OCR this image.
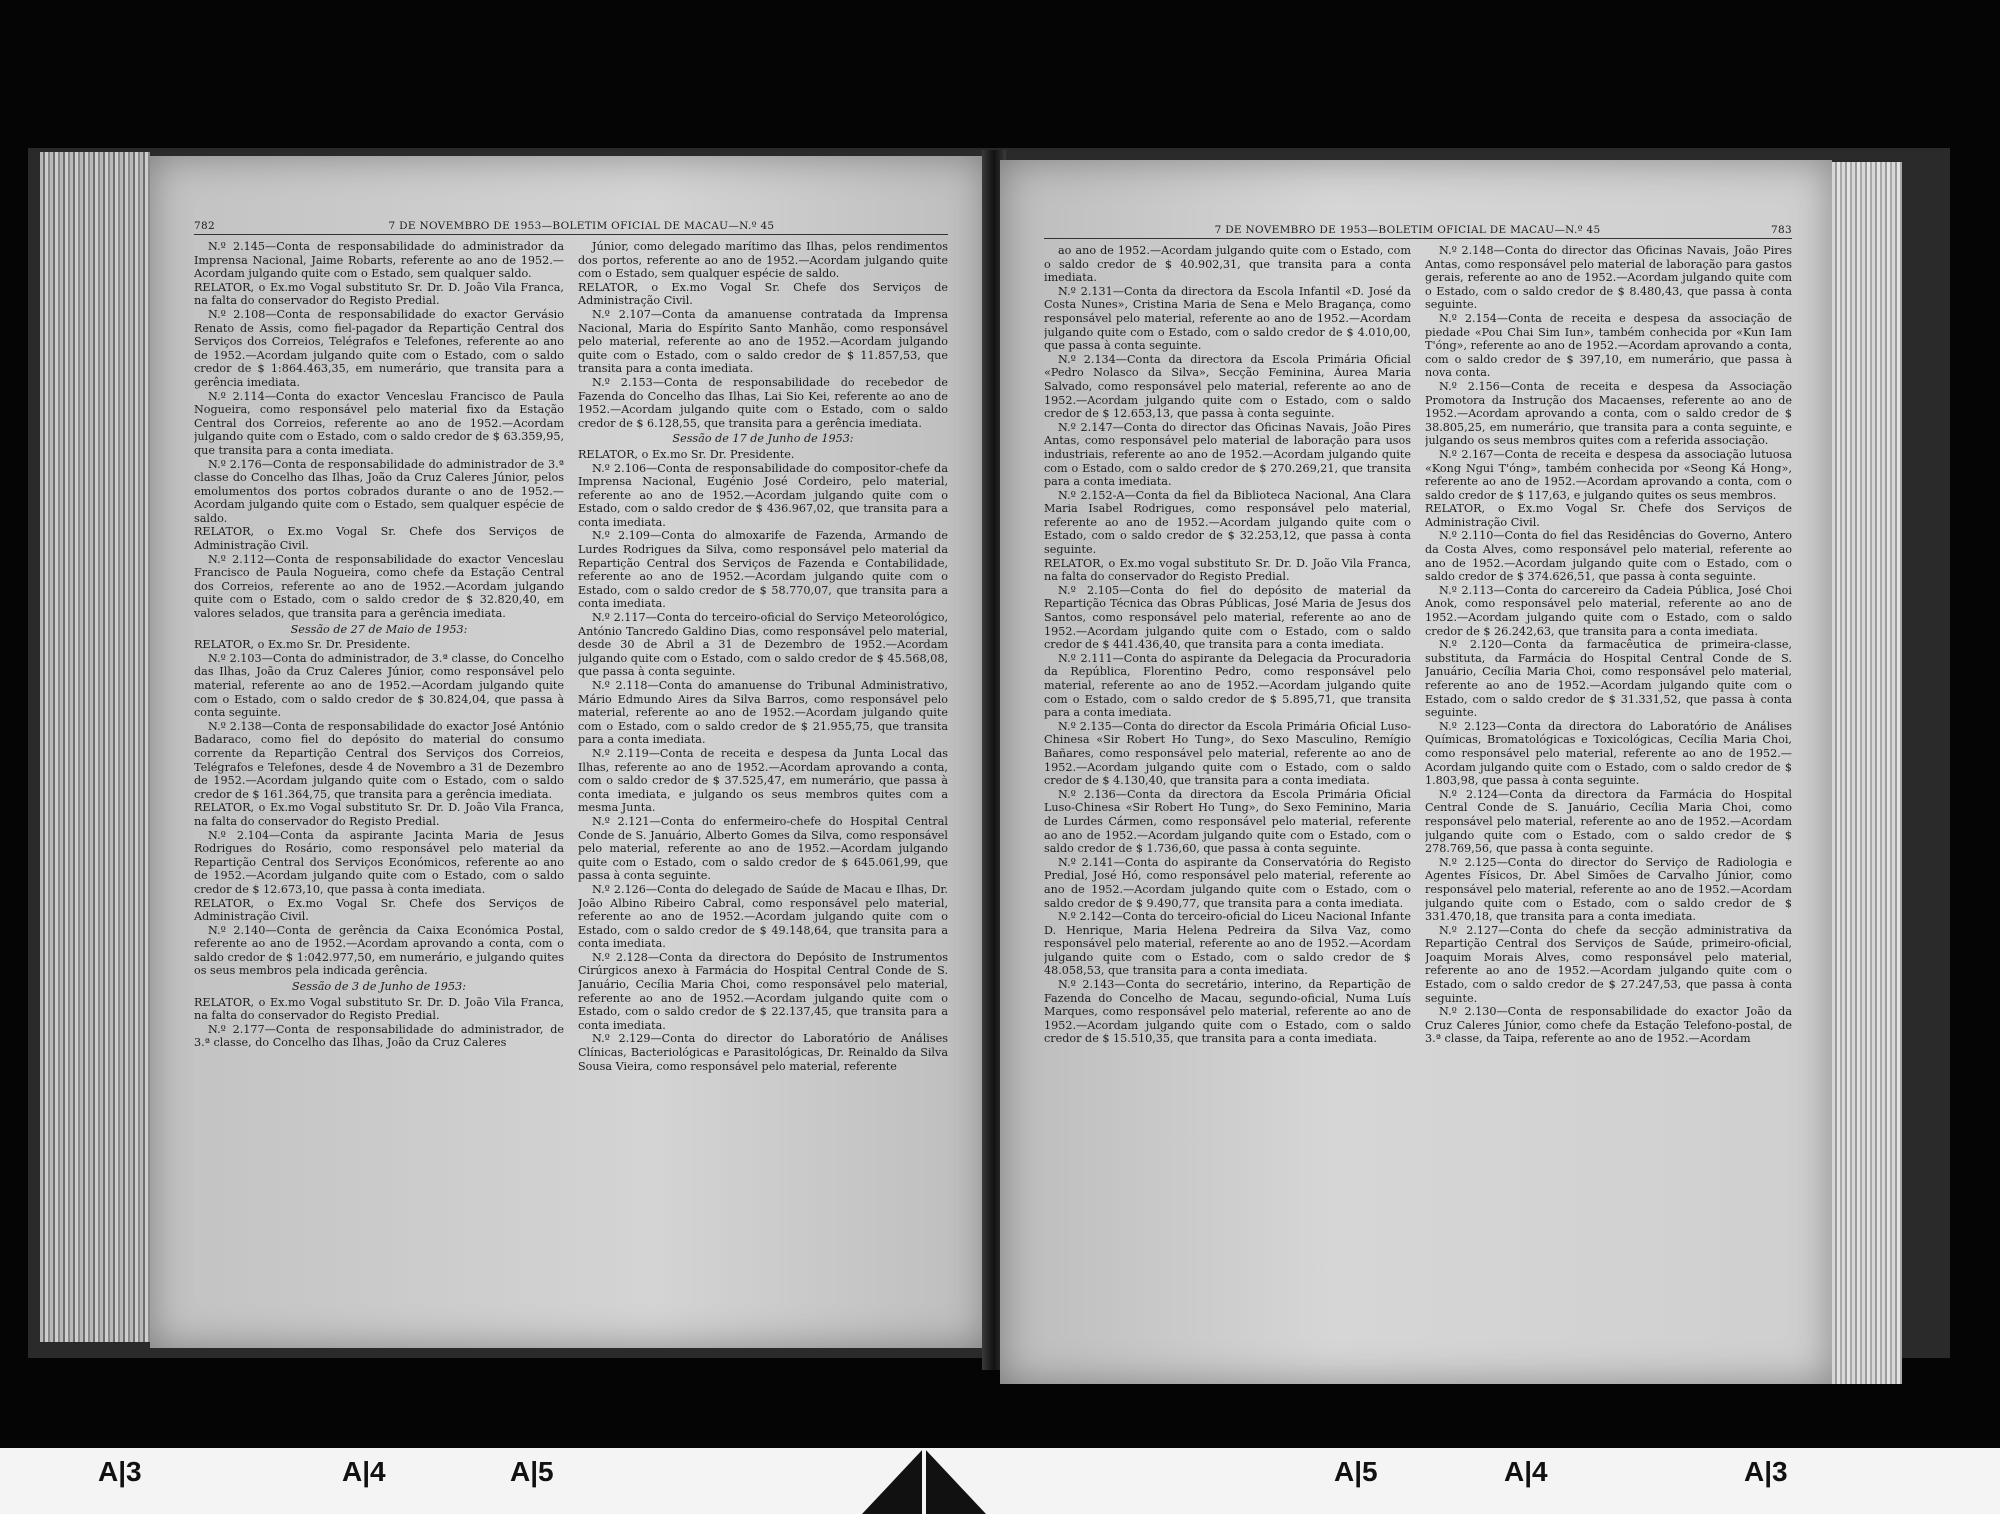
782	7 DE NOVEMBRO DE 1953—BOLETIM OFICIAL DE MACAU—N.º 45

N.º 2.145—Conta de responsabilidade do administrador da Imprensa Nacional, Jaime Robarts, referente ao ano de 1952.—Acordam julgando quite com o Estado, sem qualquer saldo.

RELATOR, o Ex.mo Vogal substituto Sr. Dr. D. João Vila Franca, na falta do conservador do Registo Predial.

N.º 2.108—Conta de responsabilidade do exactor Gervásio Renato de Assis, como fiel-pagador da Repartição Central dos Serviços dos Correios, Telégrafos e Telefones, referente ao ano de 1952.—Acordam julgando quite com o Estado, com o saldo credor de $ 1:864.463,35, em numerário, que transita para a gerência imediata.

N.º 2.114—Conta do exactor Venceslau Francisco de Paula Nogueira, como responsável pelo material fixo da Estação Central dos Correios, referente ao ano de 1952.—Acordam julgando quite com o Estado, com o saldo credor de $ 63.359,95, que transita para a conta imediata.

N.º 2.176—Conta de responsabilidade do administrador de 3.ª classe do Concelho das Ilhas, João da Cruz Caleres Júnior, pelos emolumentos dos portos cobrados durante o ano de 1952.—Acordam julgando quite com o Estado, sem qualquer espécie de saldo.

RELATOR, o Ex.mo Vogal Sr. Chefe dos Serviços de Administração Civil.

N.º 2.112—Conta de responsabilidade do exactor Venceslau Francisco de Paula Nogueira, como chefe da Estação Central dos Correios, referente ao ano de 1952.—Acordam julgando quite com o Estado, com o saldo credor de $ 32.820,40, em valores selados, que transita para a gerência imediata.

Sessão de 27 de Maio de 1953:

RELATOR, o Ex.mo Sr. Dr. Presidente.

N.º 2.103—Conta do administrador, de 3.ª classe, do Concelho das Ilhas, João da Cruz Caleres Júnior, como responsável pelo material, referente ao ano de 1952.—Acordam julgando quite com o Estado, com o saldo credor de $ 30.824,04, que passa à conta seguinte.

N.º 2.138—Conta de responsabilidade do exactor José António Badaraco, como fiel do depósito do material do consumo corrente da Repartição Central dos Serviços dos Correios, Telégrafos e Telefones, desde 4 de Novembro a 31 de Dezembro de 1952.—Acordam julgando quite com o Estado, com o saldo credor de $ 161.364,75, que transita para a gerência imediata.

RELATOR, o Ex.mo Vogal substituto Sr. Dr. D. João Vila Franca, na falta do conservador do Registo Predial.

N.º 2.104—Conta da aspirante Jacinta Maria de Jesus Rodrigues do Rosário, como responsável pelo material da Repartição Central dos Serviços Económicos, referente ao ano de 1952.—Acordam julgando quite com o Estado, com o saldo credor de $ 12.673,10, que passa à conta imediata.

RELATOR, o Ex.mo Vogal Sr. Chefe dos Serviços de Administração Civil.

N.º 2.140—Conta de gerência da Caixa Económica Postal, referente ao ano de 1952.—Acordam aprovando a conta, com o saldo credor de $ 1:042.977,50, em numerário, e julgando quites os seus membros pela indicada gerência.

Sessão de 3 de Junho de 1953:

RELATOR, o Ex.mo Vogal substituto Sr. Dr. D. João Vila Franca, na falta do conservador do Registo Predial.

N.º 2.177—Conta de responsabilidade do administrador, de 3.ª classe, do Concelho das Ilhas, João da Cruz Caleres

Júnior, como delegado marítimo das Ilhas, pelos rendimentos dos portos, referente ao ano de 1952.—Acordam julgando quite com o Estado, sem qualquer espécie de saldo.

RELATOR, o Ex.mo Vogal Sr. Chefe dos Serviços de Administração Civil.

N.º 2.107—Conta da amanuense contratada da Imprensa Nacional, Maria do Espírito Santo Manhão, como responsável pelo material, referente ao ano de 1952.—Acordam julgando quite com o Estado, com o saldo credor de $ 11.857,53, que transita para a conta imediata.

N.º 2.153—Conta de responsabilidade do recebedor de Fazenda do Concelho das Ilhas, Lai Sio Kei, referente ao ano de 1952.—Acordam julgando quite com o Estado, com o saldo credor de $ 6.128,55, que transita para a gerência imediata.

Sessão de 17 de Junho de 1953:

RELATOR, o Ex.mo Sr. Dr. Presidente.

N.º 2.106—Conta de responsabilidade do compositor-chefe da Imprensa Nacional, Eugénio José Cordeiro, pelo material, referente ao ano de 1952.—Acordam julgando quite com o Estado, com o saldo credor de $ 436.967,02, que transita para a conta imediata.

N.º 2.109—Conta do almoxarife de Fazenda, Armando de Lurdes Rodrigues da Silva, como responsável pelo material da Repartição Central dos Serviços de Fazenda e Contabilidade, referente ao ano de 1952.—Acordam julgando quite com o Estado, com o saldo credor de $ 58.770,07, que transita para a conta imediata.

N.º 2.117—Conta do terceiro-oficial do Serviço Meteorológico, António Tancredo Galdino Dias, como responsável pelo material, desde 30 de Abril a 31 de Dezembro de 1952.—Acordam julgando quite com o Estado, com o saldo credor de $ 45.568,08, que passa à conta seguinte.

N.º 2.118—Conta do amanuense do Tribunal Administrativo, Mário Edmundo Aires da Silva Barros, como responsável pelo material, referente ao ano de 1952.—Acordam julgando quite com o Estado, com o saldo credor de $ 21.955,75, que transita para a conta imediata.

N.º 2.119—Conta de receita e despesa da Junta Local das Ilhas, referente ao ano de 1952.—Acordam aprovando a conta, com o saldo credor de $ 37.525,47, em numerário, que passa à conta imediata, e julgando os seus membros quites com a mesma Junta.

N.º 2.121—Conta do enfermeiro-chefe do Hospital Central Conde de S. Januário, Alberto Gomes da Silva, como responsável pelo material, referente ao ano de 1952.—Acordam julgando quite com o Estado, com o saldo credor de $ 645.061,99, que passa à conta seguinte.

N.º 2.126—Conta do delegado de Saúde de Macau e Ilhas, Dr. João Albino Ribeiro Cabral, como responsável pelo material, referente ao ano de 1952.—Acordam julgando quite com o Estado, com o saldo credor de $ 49.148,64, que transita para a conta imediata.

N.º 2.128—Conta da directora do Depósito de Instrumentos Cirúrgicos anexo à Farmácia do Hospital Central Conde de S. Januário, Cecília Maria Choi, como responsável pelo material, referente ao ano de 1952.—Acordam julgando quite com o Estado, com o saldo credor de $ 22.137,45, que transita para a conta imediata.

N.º 2.129—Conta do director do Laboratório de Análises Clínicas, Bacteriológicas e Parasitológicas, Dr. Reinaldo da Silva Sousa Vieira, como responsável pelo material, referente

7 DE NOVEMBRO DE 1953—BOLETIM OFICIAL DE MACAU—N.º 45	783

ao ano de 1952.—Acordam julgando quite com o Estado, com o saldo credor de $ 40.902,31, que transita para a conta imediata.

N.º 2.131—Conta da directora da Escola Infantil «D. José da Costa Nunes», Cristina Maria de Sena e Melo Bragança, como responsável pelo material, referente ao ano de 1952.—Acordam julgando quite com o Estado, com o saldo credor de $ 4.010,00, que passa à conta seguinte.

N.º 2.134—Conta da directora da Escola Primária Oficial «Pedro Nolasco da Silva», Secção Feminina, Áurea Maria Salvado, como responsável pelo material, referente ao ano de 1952.—Acordam julgando quite com o Estado, com o saldo credor de $ 12.653,13, que passa à conta seguinte.

N.º 2.147—Conta do director das Oficinas Navais, João Pires Antas, como responsável pelo material de laboração para usos industriais, referente ao ano de 1952.—Acordam julgando quite com o Estado, com o saldo credor de $ 270.269,21, que transita para a conta imediata.

N.º 2.152-A—Conta da fiel da Biblioteca Nacional, Ana Clara Maria Isabel Rodrigues, como responsável pelo material, referente ao ano de 1952.—Acordam julgando quite com o Estado, com o saldo credor de $ 32.253,12, que passa à conta seguinte.

RELATOR, o Ex.mo vogal substituto Sr. Dr. D. João Vila Franca, na falta do conservador do Registo Predial.

N.º 2.105—Conta do fiel do depósito de material da Repartição Técnica das Obras Públicas, José Maria de Jesus dos Santos, como responsável pelo material, referente ao ano de 1952.—Acordam julgando quite com o Estado, com o saldo credor de $ 441.436,40, que transita para a conta imediata.

N.º 2.111—Conta do aspirante da Delegacia da Procuradoria da República, Florentino Pedro, como responsável pelo material, referente ao ano de 1952.—Acordam julgando quite com o Estado, com o saldo credor de $ 5.895,71, que transita para a conta imediata.

N.º 2.135—Conta do director da Escola Primária Oficial Luso-Chinesa «Sir Robert Ho Tung», do Sexo Masculino, Remígio Bañares, como responsável pelo material, referente ao ano de 1952.—Acordam julgando quite com o Estado, com o saldo credor de $ 4.130,40, que transita para a conta imediata.

N.º 2.136—Conta da directora da Escola Primária Oficial Luso-Chinesa «Sir Robert Ho Tung», do Sexo Feminino, Maria de Lurdes Cármen, como responsável pelo material, referente ao ano de 1952.—Acordam julgando quite com o Estado, com o saldo credor de $ 1.736,60, que passa à conta seguinte.

N.º 2.141—Conta do aspirante da Conservatória do Registo Predial, José Hó, como responsável pelo material, referente ao ano de 1952.—Acordam julgando quite com o Estado, com o saldo credor de $ 9.490,77, que transita para a conta imediata.

N.º 2.142—Conta do terceiro-oficial do Liceu Nacional Infante D. Henrique, Maria Helena Pedreira da Silva Vaz, como responsável pelo material, referente ao ano de 1952.—Acordam julgando quite com o Estado, com o saldo credor de $ 48.058,53, que transita para a conta imediata.

N.º 2.143—Conta do secretário, interino, da Repartição de Fazenda do Concelho de Macau, segundo-oficial, Numa Luís Marques, como responsável pelo material, referente ao ano de 1952.—Acordam julgando quite com o Estado, com o saldo credor de $ 15.510,35, que transita para a conta imediata.

N.º 2.148—Conta do director das Oficinas Navais, João Pires Antas, como responsável pelo material de laboração para gastos gerais, referente ao ano de 1952.—Acordam julgando quite com o Estado, com o saldo credor de $ 8.480,43, que passa à conta seguinte.

N.º 2.154—Conta de receita e despesa da associação de piedade «Pou Chai Sim Iun», também conhecida por «Kun Iam T'óng», referente ao ano de 1952.—Acordam aprovando a conta, com o saldo credor de $ 397,10, em numerário, que passa à nova conta.

N.º 2.156—Conta de receita e despesa da Associação Promotora da Instrução dos Macaenses, referente ao ano de 1952.—Acordam aprovando a conta, com o saldo credor de $ 38.805,25, em numerário, que transita para a conta seguinte, e julgando os seus membros quites com a referida associação.

N.º 2.167—Conta de receita e despesa da associação lutuosa «Kong Ngui T'óng», também conhecida por «Seong Ká Hong», referente ao ano de 1952.—Acordam aprovando a conta, com o saldo credor de $ 117,63, e julgando quites os seus membros.

RELATOR, o Ex.mo Vogal Sr. Chefe dos Serviços de Administração Civil.

N.º 2.110—Conta do fiel das Residências do Governo, Antero da Costa Alves, como responsável pelo material, referente ao ano de 1952.—Acordam julgando quite com o Estado, com o saldo credor de $ 374.626,51, que passa à conta seguinte.

N.º 2.113—Conta do carcereiro da Cadeia Pública, José Choi Anok, como responsável pelo material, referente ao ano de 1952.—Acordam julgando quite com o Estado, com o saldo credor de $ 26.242,63, que transita para a conta imediata.

N.º 2.120—Conta da farmacêutica de primeira-classe, substituta, da Farmácia do Hospital Central Conde de S. Januário, Cecília Maria Choi, como responsável pelo material, referente ao ano de 1952.—Acordam julgando quite com o Estado, com o saldo credor de $ 31.331,52, que passa à conta seguinte.

N.º 2.123—Conta da directora do Laboratório de Análises Químicas, Bromatológicas e Toxicológicas, Cecília Maria Choi, como responsável pelo material, referente ao ano de 1952.—Acordam julgando quite com o Estado, com o saldo credor de $ 1.803,98, que passa à conta seguinte.

N.º 2.124—Conta da directora da Farmácia do Hospital Central Conde de S. Januário, Cecília Maria Choi, como responsável pelo material, referente ao ano de 1952.—Acordam julgando quite com o Estado, com o saldo credor de $ 278.769,56, que passa à conta seguinte.

N.º 2.125—Conta do director do Serviço de Radiologia e Agentes Físicos, Dr. Abel Simões de Carvalho Júnior, como responsável pelo material, referente ao ano de 1952.—Acordam julgando quite com o Estado, com o saldo credor de $ 331.470,18, que transita para a conta imediata.

N.º 2.127—Conta do chefe da secção administrativa da Repartição Central dos Serviços de Saúde, primeiro-oficial, Joaquim Morais Alves, como responsável pelo material, referente ao ano de 1952.—Acordam julgando quite com o Estado, com o saldo credor de $ 27.247,53, que passa à conta seguinte.

N.º 2.130—Conta de responsabilidade do exactor João da Cruz Caleres Júnior, como chefe da Estação Telefono-postal, de 3.ª classe, da Taipa, referente ao ano de 1952.—Acordam

A|3	A|4	A|5	A|5	A|4	A|3
